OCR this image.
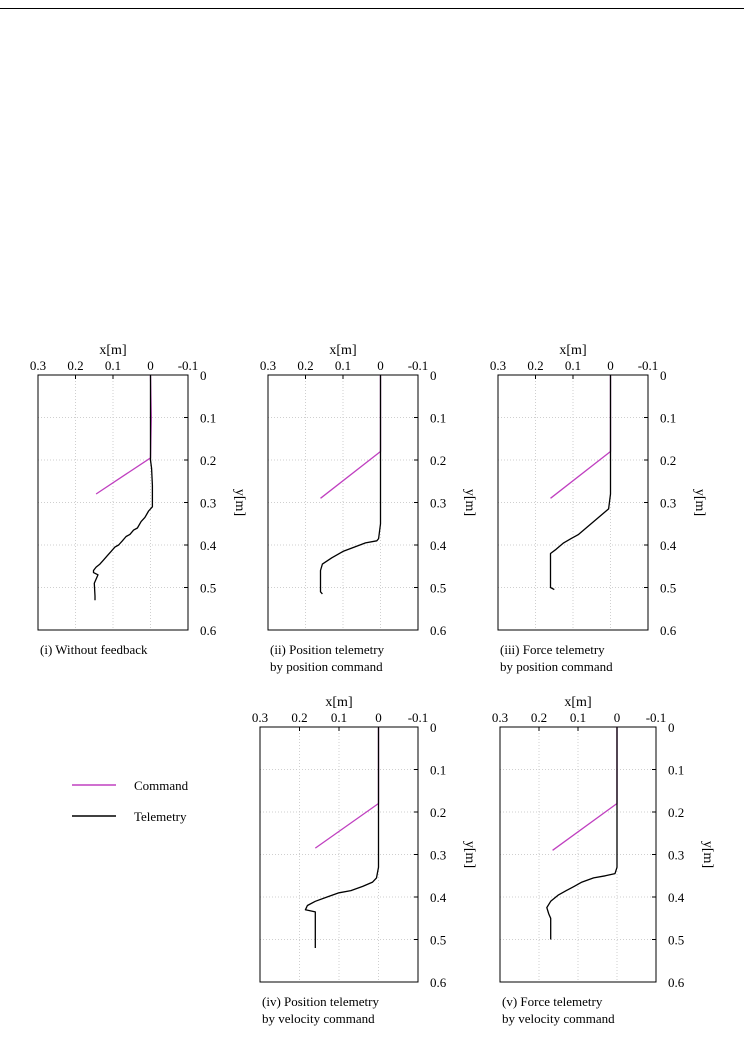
0.3 0.2 0.1 0 -0.1
0
0.1
0.2
0.3
0.4
0.5
0.6
x[m]
y[m]
(i) Without feedback
0.3 0.2 0.1 0 -0.1
0
0.1
0.2
0.3
0.4
0.5
0.6
x[m]
y[m]
(ii) Position telemetry
by position command
0.3 0.2 0.1 0 -0.1
0
0.1
0.2
0.3
0.4
0.5
0.6
x[m]
y[m]
(iii) Force telemetry
by position command
0.3 0.2 0.1 0 -0.1
0
0.1
0.2
0.3
0.4
0.5
0.6
x[m]
y[m]
(iv) Position telemetry
by velocity command
0.3 0.2 0.1 0 -0.1
0
0.1
0.2
0.3
0.4
0.5
0.6
x[m]
y[m]
(v) Force telemetry
by velocity command
Command
Telemetry
